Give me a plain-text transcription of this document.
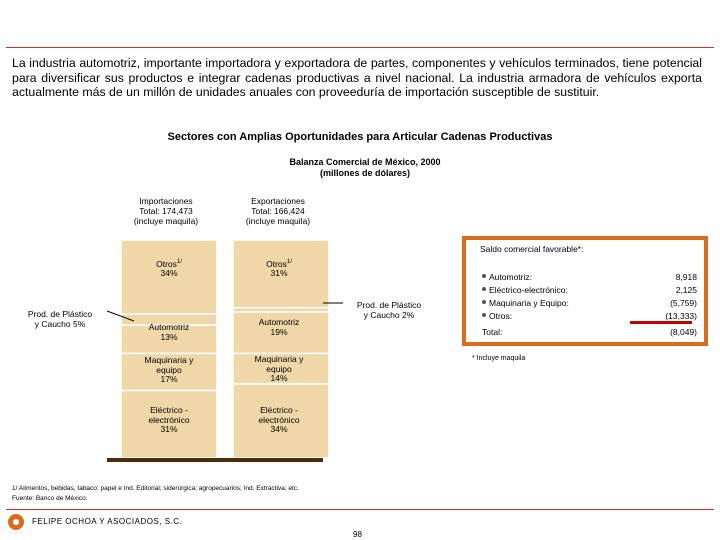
La industria automotriz, importante importadora y exportadora de partes, componentes y vehículos terminados, tiene potencial para diversificar sus productos e integrar cadenas productivas a nivel nacional. La industria armadora de vehículos exporta actualmente más de un millón de unidades anuales con proveeduría de importación susceptible de sustituir.
Sectores con Amplias Oportunidades para Articular Cadenas Productivas
Balanza Comercial de México, 2000
(millones de dólares)
Importaciones
Total: 174,473
(incluye maquila)
Exportaciones
Total: 166,424
(incluye maquila)
Otros$^{1/}$
34%
Automotriz
13%
Maquinaria y
equipo
17%
Eléctrico -
electrónico
31%
Otros$^{1/}$
31%
Automotriz
19%
Maquinaria y
equipo
14%
Eléctrico -
electrónico
34%
Prod. de Plástico
y Caucho 5%
Prod. de Plástico
y Caucho 2%
Saldo comercial favorable*:
Automotriz:	8,918
Eléctrico-electrónico:	2,125
Maquinaria y Equipo:	(5,759)
Otros:	(13,333)
Total:	(8,049)
* Incluye maquila
1/ Alimentos, bebidas, tabaco; papel e Ind. Editorial; siderúrgica; agropecuarios; Ind. Extractiva; etc.
Fuente: Banco de México.
FELIPE OCHOA Y ASOCIADOS, S.C.
98
